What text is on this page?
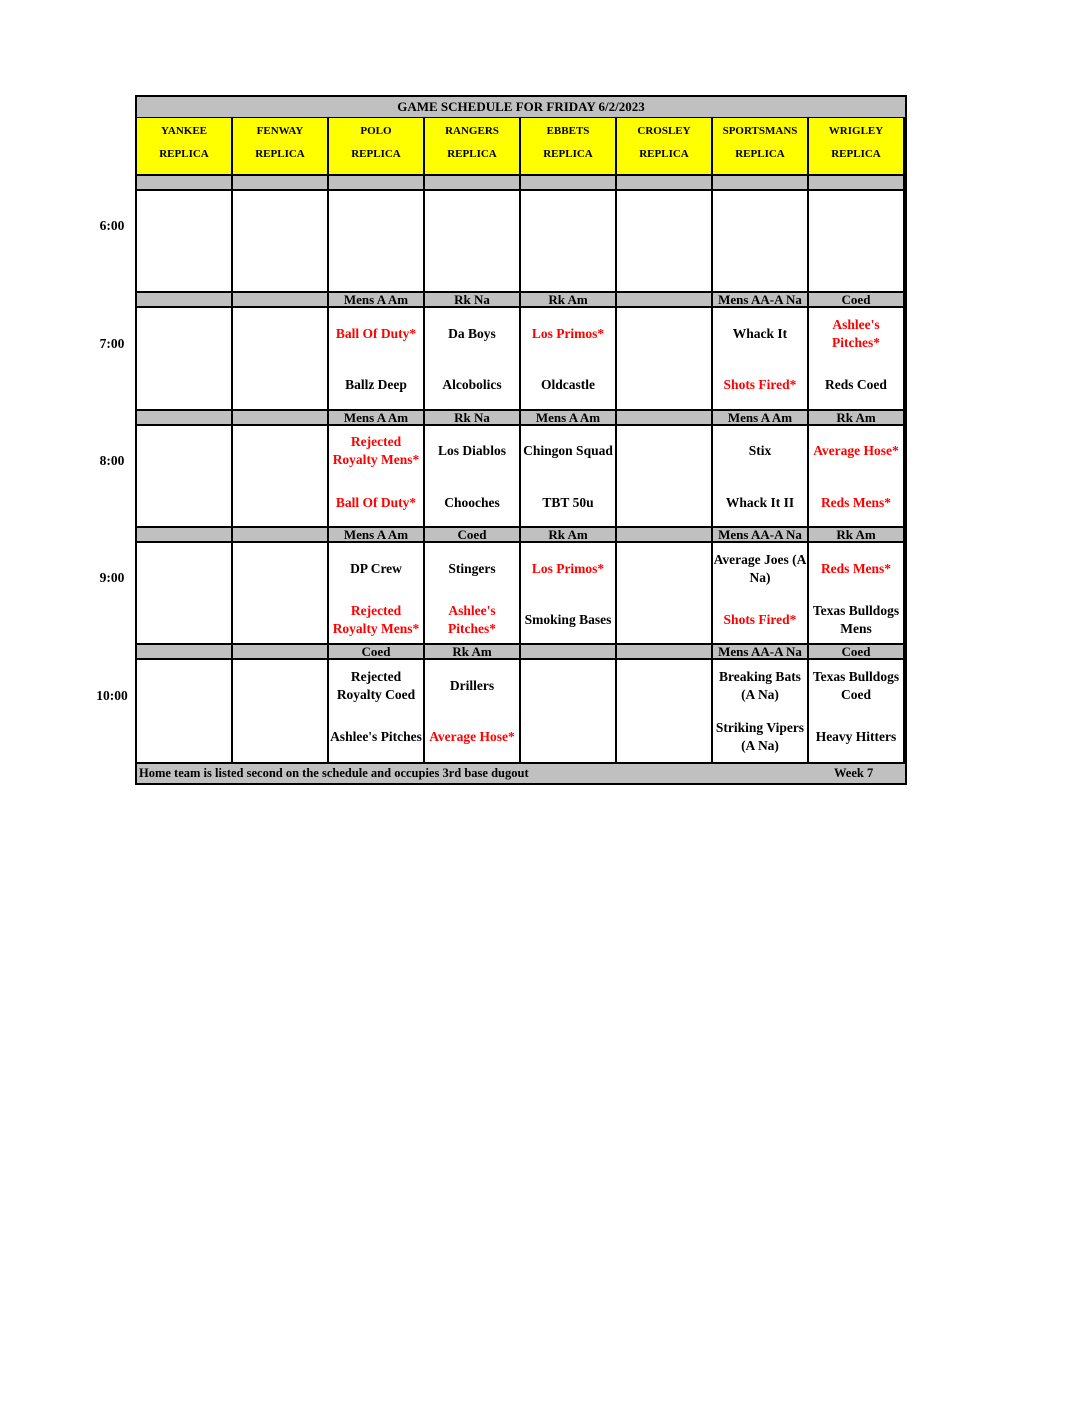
GAME SCHEDULE FOR FRIDAY 6/2/2023
YANKEE
REPLICA
FENWAY
REPLICA
POLO
REPLICA
RANGERS
REPLICA
EBBETS
REPLICA
CROSLEY
REPLICA
SPORTSMANS
REPLICA
WRIGLEY
REPLICA
6:00
7:00
Mens A Am
Ball Of Duty*
Ballz Deep
Rk Na
Da Boys
Alcobolics
Rk Am
Los Primos*
Oldcastle
Mens AA-A Na
Whack It
Shots Fired*
Coed
Ashlee's Pitches*
Reds Coed
8:00
Mens A Am
Rejected Royalty Mens*
Ball Of Duty*
Rk Na
Los Diablos
Chooches
Mens A Am
Chingon Squad
TBT 50u
Mens A Am
Stix
Whack It II
Rk Am
Average Hose*
Reds Mens*
9:00
Mens A Am
DP Crew
Rejected Royalty Mens*
Coed
Stingers
Ashlee's Pitches*
Rk Am
Los Primos*
Smoking Bases
Mens AA-A Na
Average Joes (A Na)
Shots Fired*
Rk Am
Reds Mens*
Texas Bulldogs Mens
10:00
Coed
Rejected Royalty Coed
Ashlee's Pitches
Rk Am
Drillers
Average Hose*
Mens AA-A Na
Breaking Bats (A Na)
Striking Vipers (A Na)
Coed
Texas Bulldogs Coed
Heavy Hitters
Home team is listed second on the schedule and occupies 3rd base dugout	Week 7
